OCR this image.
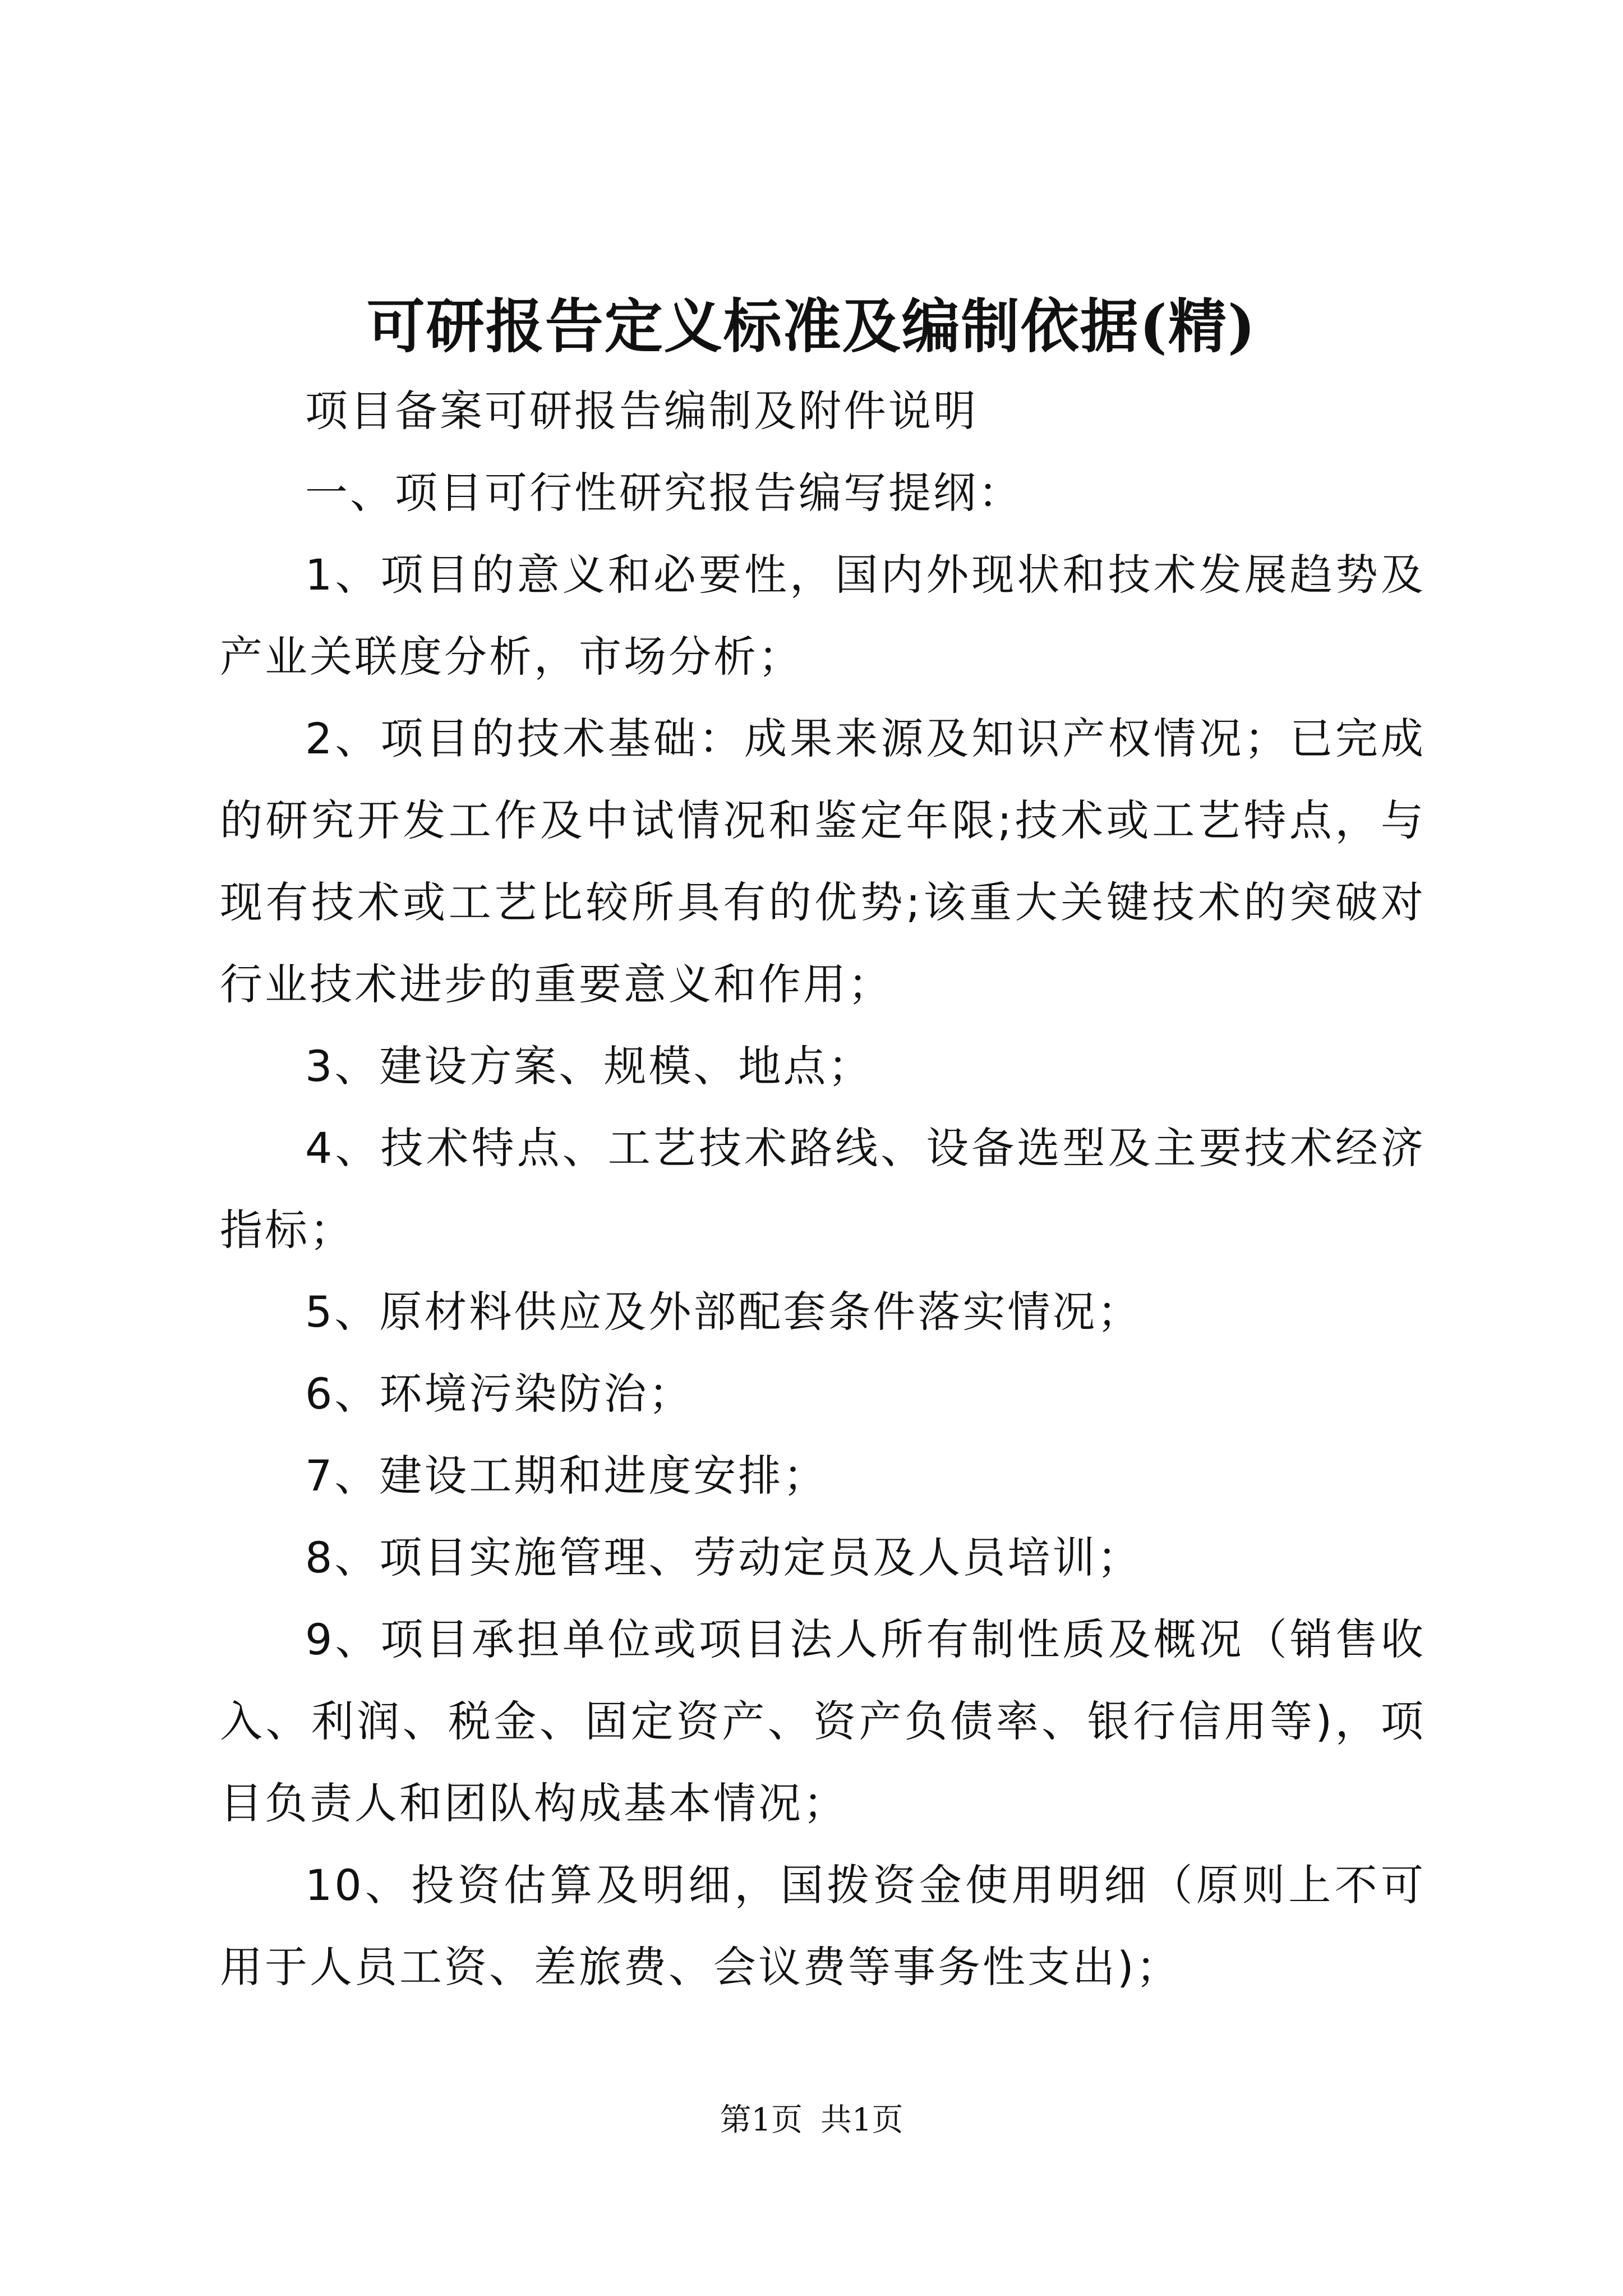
可研报告定义标准及编制依据(精)

项目备案可研报告编制及附件说明

一、项目可行性研究报告编写提纲：

1、项目的意义和必要性，国内外现状和技术发展趋势及产业关联度分析，市场分析；

2、项目的技术基础：成果来源及知识产权情况；已完成的研究开发工作及中试情况和鉴定年限;技术或工艺特点，与现有技术或工艺比较所具有的优势;该重大关键技术的突破对行业技术进步的重要意义和作用；

3、建设方案、规模、地点；

4、技术特点、工艺技术路线、设备选型及主要技术经济指标；

5、原材料供应及外部配套条件落实情况；

6、环境污染防治；

7、建设工期和进度安排；

8、项目实施管理、劳动定员及人员培训；

9、项目承担单位或项目法人所有制性质及概况（销售收入、利润、税金、固定资产、资产负债率、银行信用等)，项目负责人和团队构成基本情况；

10、投资估算及明细，国拨资金使用明细（原则上不可用于人员工资、差旅费、会议费等事务性支出)；

第1页 共1页
